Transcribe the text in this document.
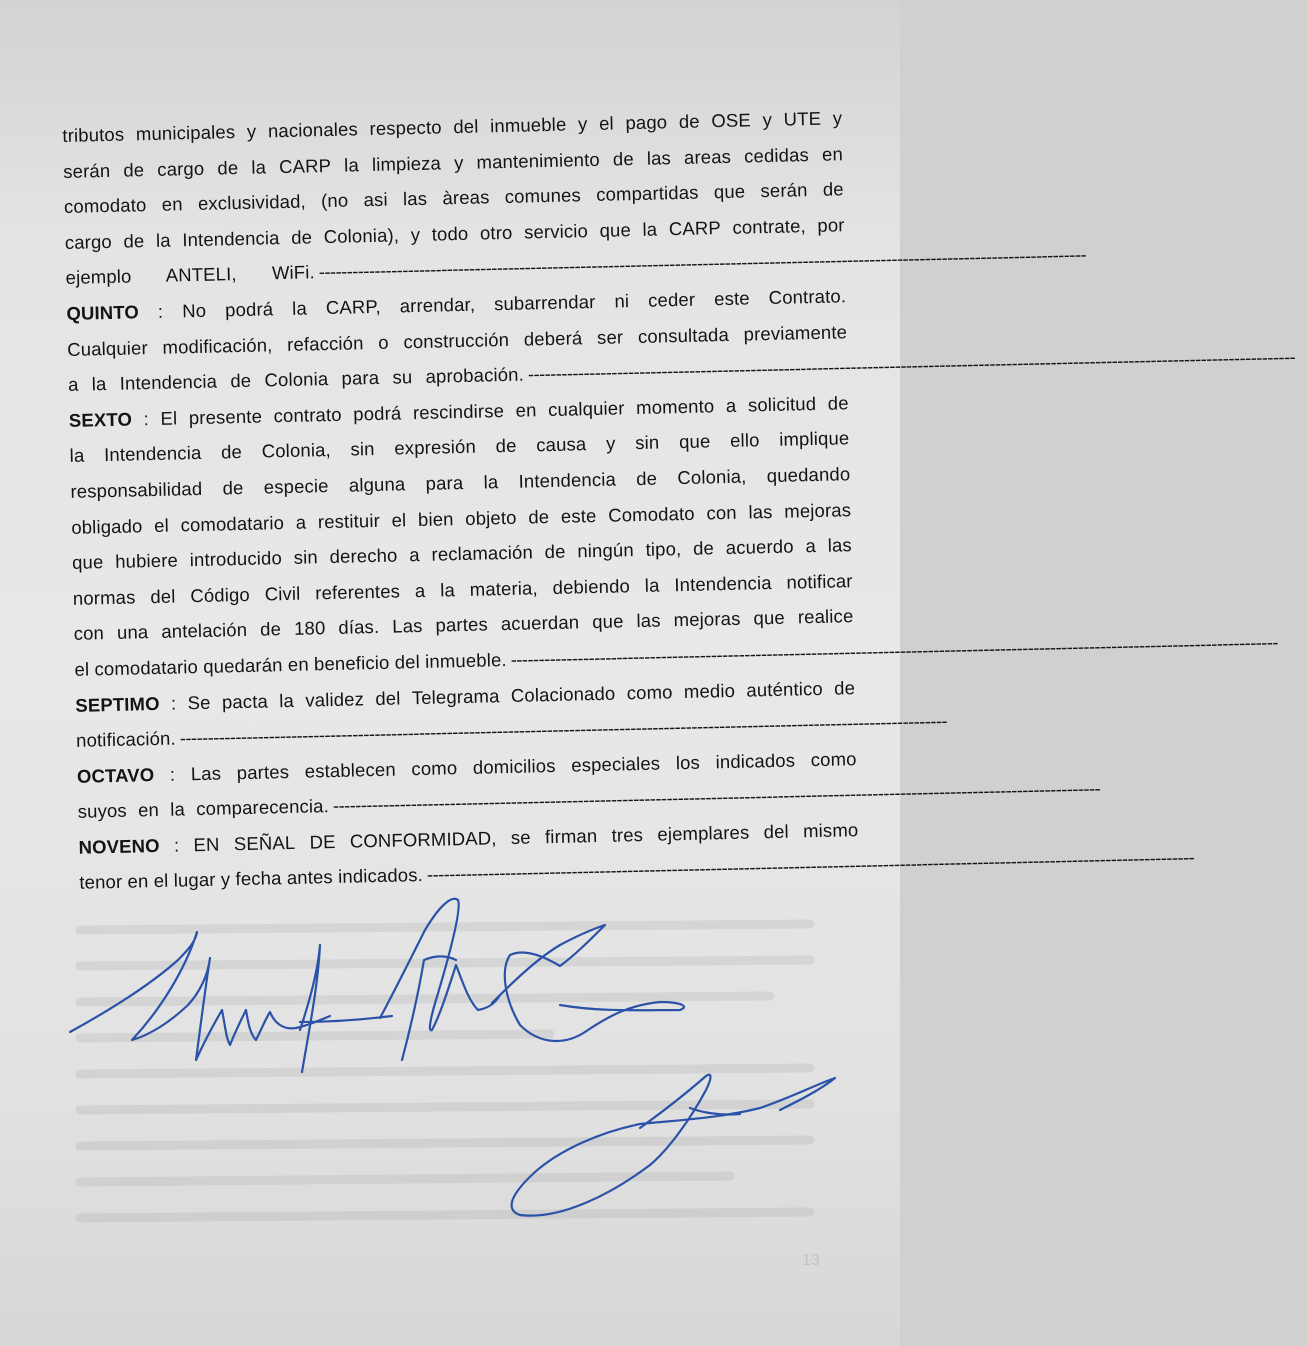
tributos municipales y nacionales respecto del inmueble y el pago de OSE y UTE y
serán de cargo de la CARP la limpieza y mantenimiento de las areas cedidas en
comodato en exclusividad, (no asi las àreas comunes compartidas que serán de
cargo de la Intendencia de Colonia), y todo otro servicio que la CARP contrate, por
ejemplo ANTELI, WiFi. ------------------------------------------------------------------------------------------------------------------------------------------
QUINTO : No podrá la CARP, arrendar, subarrendar ni ceder este Contrato.
Cualquier modificación, refacción o construcción deberá ser consultada previamente
a la Intendencia de Colonia para su aprobación. ------------------------------------------------------------------------------------------------------------------------------------------
SEXTO : El presente contrato podrá rescindirse en cualquier momento a solicitud de
la Intendencia de Colonia, sin expresión de causa y sin que ello implique
responsabilidad de especie alguna para la Intendencia de Colonia, quedando
obligado el comodatario a restituir el bien objeto de este Comodato con las mejoras
que hubiere introducido sin derecho a reclamación de ningún tipo, de acuerdo a las
normas del Código Civil referentes a la materia, debiendo la Intendencia notificar
con una antelación de 180 días. Las partes acuerdan que las mejoras que realice
el comodatario quedarán en beneficio del inmueble. ------------------------------------------------------------------------------------------------------------------------------------------
SEPTIMO : Se pacta la validez del Telegrama Colacionado como medio auténtico de
notificación. ------------------------------------------------------------------------------------------------------------------------------------------
OCTAVO : Las partes establecen como domicilios especiales los indicados como
suyos en la comparecencia. ------------------------------------------------------------------------------------------------------------------------------------------
NOVENO : EN SEÑAL DE CONFORMIDAD, se firman tres ejemplares del mismo
tenor en el lugar y fecha antes indicados. ------------------------------------------------------------------------------------------------------------------------------------------
13
